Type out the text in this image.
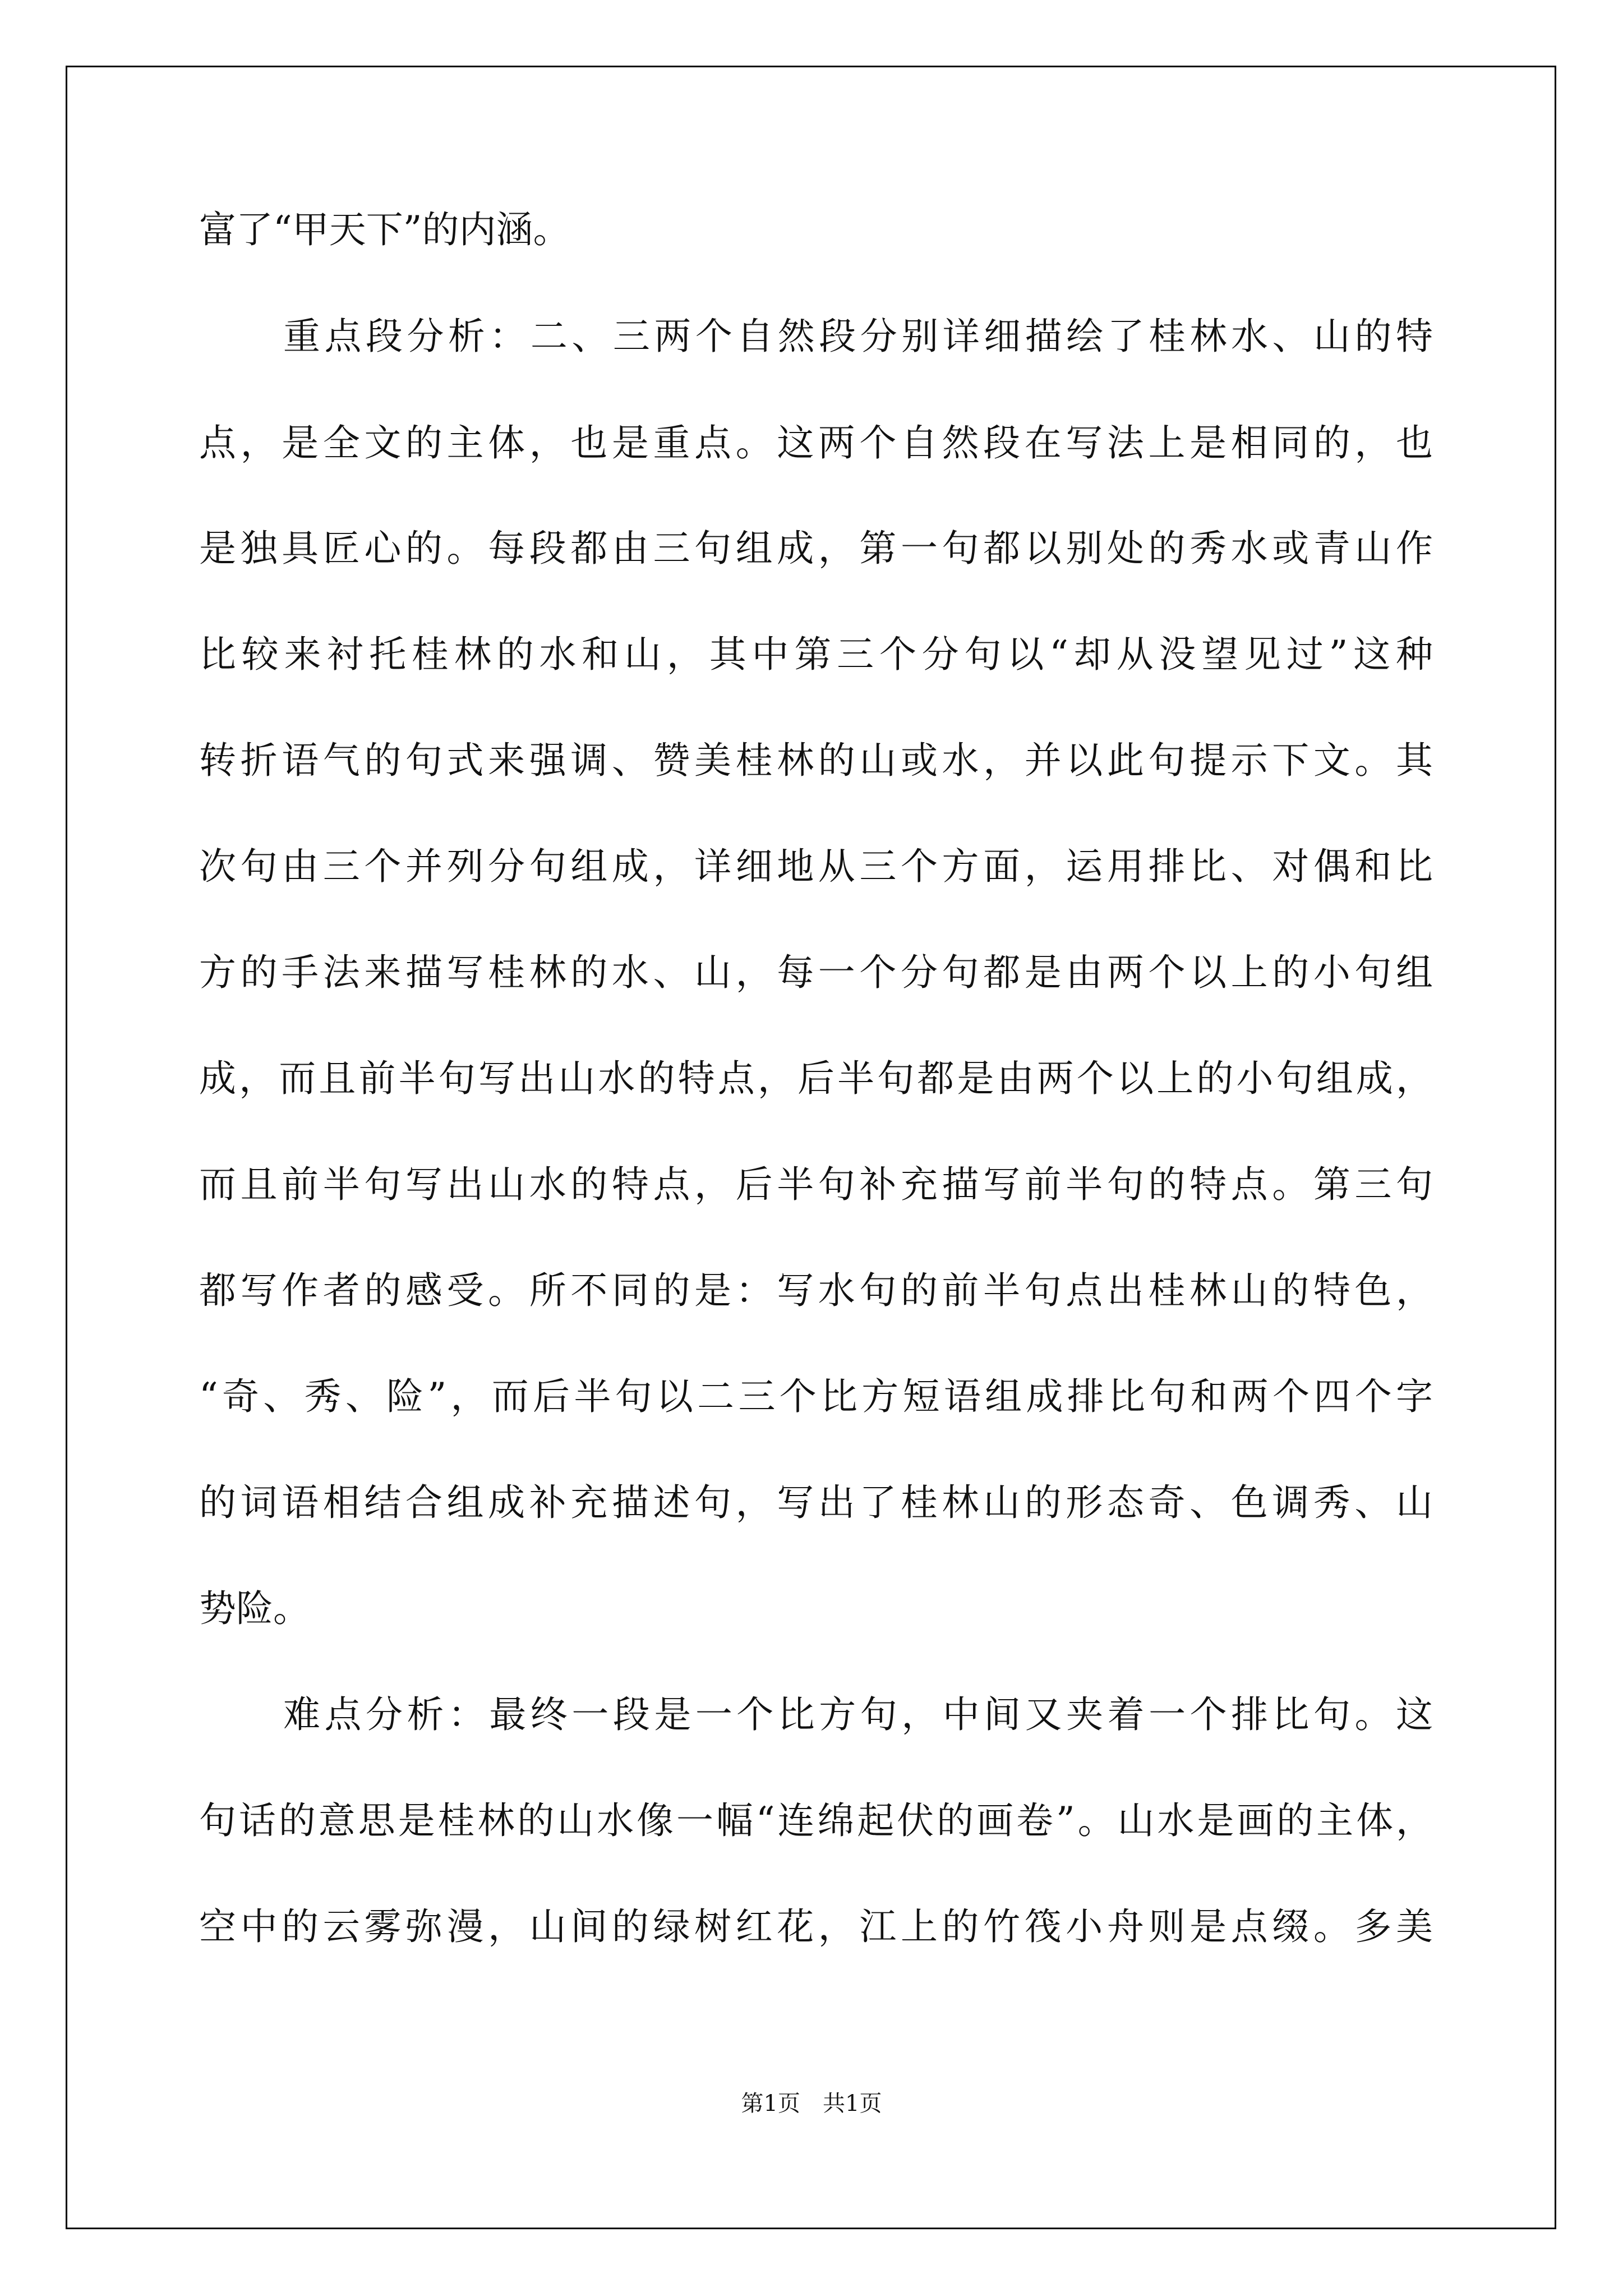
富了“甲天下”的内涵。

重点段分析：二、三两个自然段分别详细描绘了桂林水、山的特

点，是全文的主体，也是重点。这两个自然段在写法上是相同的，也

是独具匠心的。每段都由三句组成，第一句都以别处的秀水或青山作

比较来衬托桂林的水和山，其中第三个分句以“却从没望见过”这种

转折语气的句式来强调、赞美桂林的山或水，并以此句提示下文。其

次句由三个并列分句组成，详细地从三个方面，运用排比、对偶和比

方的手法来描写桂林的水、山，每一个分句都是由两个以上的小句组

成，而且前半句写出山水的特点，后半句都是由两个以上的小句组成，

而且前半句写出山水的特点，后半句补充描写前半句的特点。第三句

都写作者的感受。所不同的是：写水句的前半句点出桂林山的特色，

“奇、秀、险”，而后半句以二三个比方短语组成排比句和两个四个字

的词语相结合组成补充描述句，写出了桂林山的形态奇、色调秀、山

势险。

难点分析：最终一段是一个比方句，中间又夹着一个排比句。这

句话的意思是桂林的山水像一幅“连绵起伏的画卷”。山水是画的主体，

空中的云雾弥漫，山间的绿树红花，江上的竹筏小舟则是点缀。多美

第1页　共1页
